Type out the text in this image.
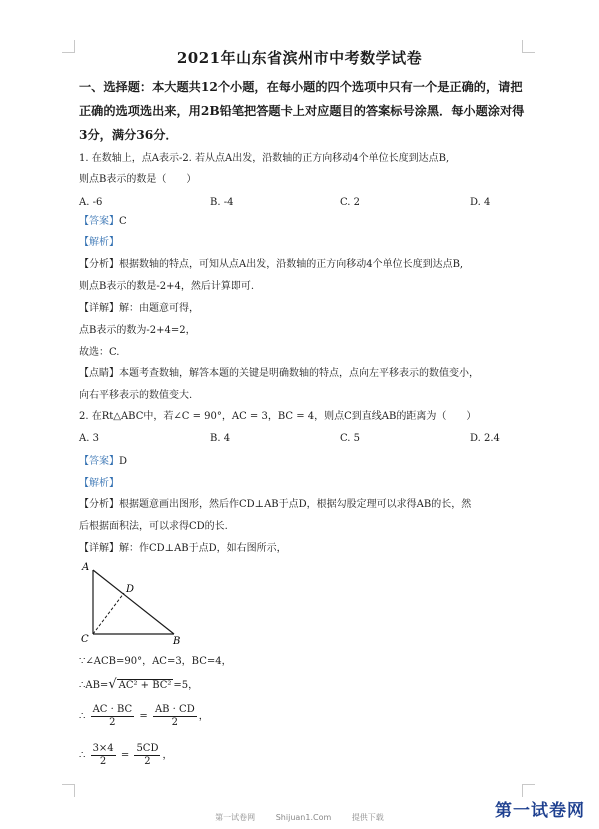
2021年山东省滨州市中考数学试卷
一、选择题：本大题共12个小题，在每小题的四个选项中只有一个是正确的，请把正确的选项选出来，用2B铅笔把答题卡上对应题目的答案标号涂黑．每小题涂对得3分，满分36分．
1. 在数轴上，点A表示-2. 若从点A出发，沿数轴的正方向移动4个单位长度到达点B,
则点B表示的数是（　　）
A. -6	B. -4	C. 2	D. 4
【答案】C
【解析】
【分析】根据数轴的特点，可知从点A出发，沿数轴的正方向移动4个单位长度到达点B,
则点B表示的数是-2+4，然后计算即可.
【详解】解：由题意可得，
点B表示的数为-2+4=2，
故选：C.
【点睛】本题考查数轴，解答本题的关键是明确数轴的特点，点向左平移表示的数值变小，
向右平移表示的数值变大.
2. 在Rt△ABC中，若∠C = 90°，AC = 3，BC = 4，则点C到直线AB的距离为（　　）
A. 3	B. 4	C. 5	D. 2.4
【答案】D
【解析】
【分析】根据题意画出图形，然后作CD⊥AB于点D，根据勾股定理可以求得AB的长，然
后根据面积法，可以求得CD的长.
【详解】解：作CD⊥AB于点D，如右图所示，
A
C	B
D
∵∠ACB=90°，AC=3，BC=4，
∴AB=√ AC² + BC² =5，
∴ $\frac{AC \cdot BC}{2} = \frac{AB \cdot CD}{2}$ ，
∴ $\frac{3\times 4}{2} = \frac{5CD}{2}$ ，
第一试卷网	Shijuan1.Com	提供下载	第一试卷网
